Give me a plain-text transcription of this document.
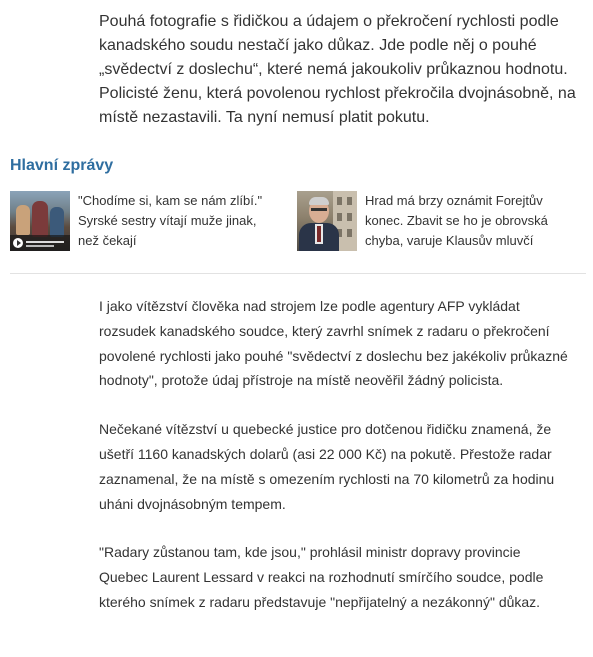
Pouhá fotografie s řidičkou a údajem o překročení rychlosti podle kanadského soudu nestačí jako důkaz. Jde podle něj o pouhé „svědectví z doslechu“, které nemá jakoukoliv průkaznou hodnotu. Policisté ženu, která povolenou rychlost překročila dvojnásobně, na místě nezastavili. Ta nyní nemusí platit pokutu.

Hlavní zprávy
"Chodíme si, kam se nám zlíbí." Syrské sestry vítají muže jinak, než čekají
Hrad má brzy oznámit Forejtův konec. Zbavit se ho je obrovská chyba, varuje Klausův mluvčí

I jako vítězství člověka nad strojem lze podle agentury AFP vykládat rozsudek kanadského soudce, který zavrhl snímek z radaru o překročení povolené rychlosti jako pouhé "svědectví z doslechu bez jakékoliv průkazné hodnoty", protože údaj přístroje na místě neověřil žádný policista.

Nečekané vítězství u quebecké justice pro dotčenou řidičku znamená, že ušetří 1160 kanadských dolarů (asi 22 000 Kč) na pokutě. Přestože radar zaznamenal, že na místě s omezením rychlosti na 70 kilometrů za hodinu uháni dvojnásobným tempem.

"Radary zůstanou tam, kde jsou," prohlásil ministr dopravy provincie Quebec Laurent Lessard v reakci na rozhodnutí smírčího soudce, podle kterého snímek z radaru představuje "nepřijatelný a nezákonný" důkaz.
